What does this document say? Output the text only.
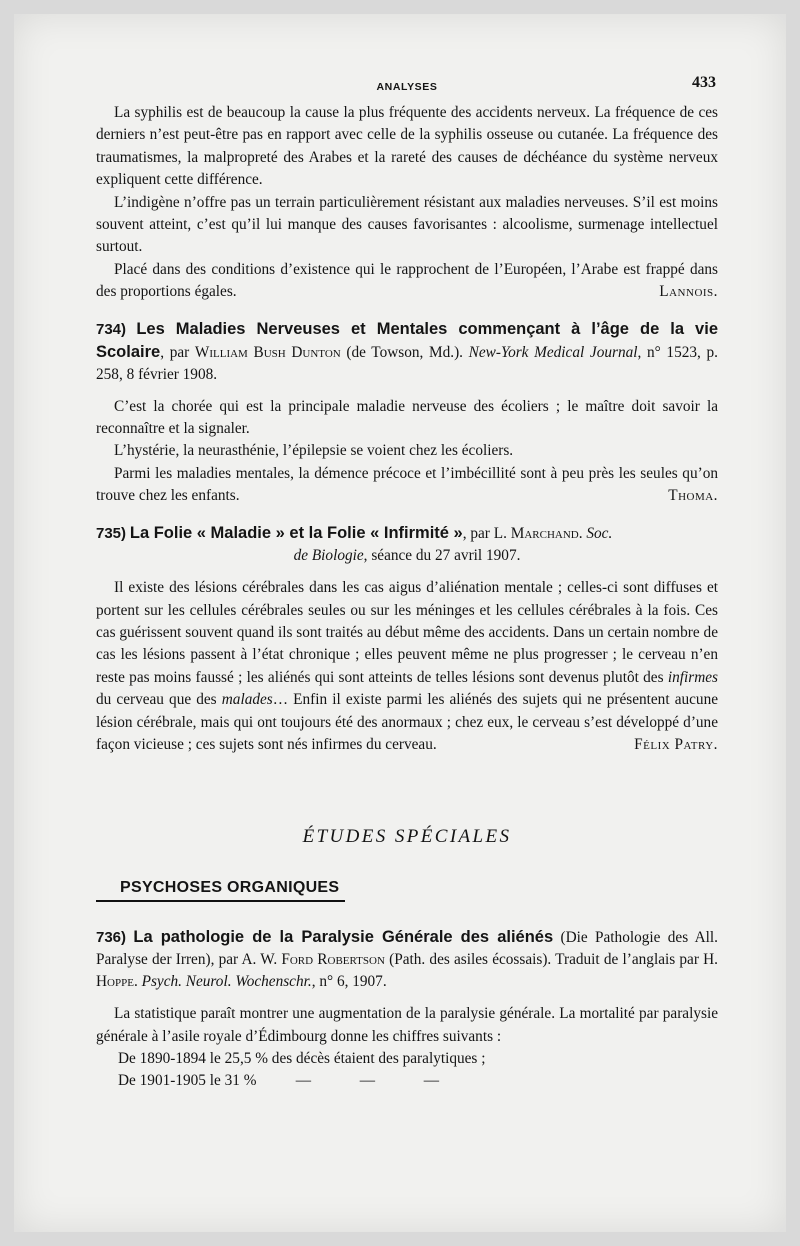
ANALYSES	433

La syphilis est de beaucoup la cause la plus fréquente des accidents nerveux. La fréquence de ces derniers n’est peut-être pas en rapport avec celle de la syphilis osseuse ou cutanée. La fréquence des traumatismes, la malpropreté des Arabes et la rareté des causes de déchéance du système nerveux expliquent cette différence.

L’indigène n’offre pas un terrain particulièrement résistant aux maladies nerveuses. S’il est moins souvent atteint, c’est qu’il lui manque des causes favorisantes : alcoolisme, surmenage intellectuel surtout.

Placé dans des conditions d’existence qui le rapprochent de l’Européen, l’Arabe est frappé dans des proportions égales.	Lannois.

734) Les Maladies Nerveuses et Mentales commençant à l’âge de la vie Scolaire, par William Bush Dunton (de Towson, Md.). New-York Medical Journal, n° 1523, p. 258, 8 février 1908.

C’est la chorée qui est la principale maladie nerveuse des écoliers ; le maître doit savoir la reconnaître et la signaler.

L’hystérie, la neurasthénie, l’épilepsie se voient chez les écoliers.

Parmi les maladies mentales, la démence précoce et l’imbécillité sont à peu près les seules qu’on trouve chez les enfants.	Thoma.

735) La Folie « Maladie » et la Folie « Infirmité », par L. Marchand. Soc.

de Biologie, séance du 27 avril 1907.

Il existe des lésions cérébrales dans les cas aigus d’aliénation mentale ; celles-ci sont diffuses et portent sur les cellules cérébrales seules ou sur les méninges et les cellules cérébrales à la fois. Ces cas guérissent souvent quand ils sont traités au début même des accidents. Dans un certain nombre de cas les lésions passent à l’état chronique ; elles peuvent même ne plus progresser ; le cerveau n’en reste pas moins faussé ; les aliénés qui sont atteints de telles lésions sont devenus plutôt des infirmes du cerveau que des malades… Enfin il existe parmi les aliénés des sujets qui ne présentent aucune lésion cérébrale, mais qui ont toujours été des anormaux ; chez eux, le cerveau s’est développé d’une façon vicieuse ; ces sujets sont nés infirmes du cerveau.	Félix Patry.

ÉTUDES SPÉCIALES
PSYCHOSES ORGANIQUES

736) La pathologie de la Paralysie Générale des aliénés (Die Pathologie des All. Paralyse der Irren), par A. W. Ford Robertson (Path. des asiles écossais). Traduit de l’anglais par H. Hoppe. Psych. Neurol. Wochenschr., n° 6, 1907.

La statistique paraît montrer une augmentation de la paralysie générale. La mortalité par paralysie générale à l’asile royale d’Édimbourg donne les chiffres suivants :

De 1890-1894 le 25,5 % des décès étaient des paralytiques ;

De 1901-1905 le 31 %	—	—	—
